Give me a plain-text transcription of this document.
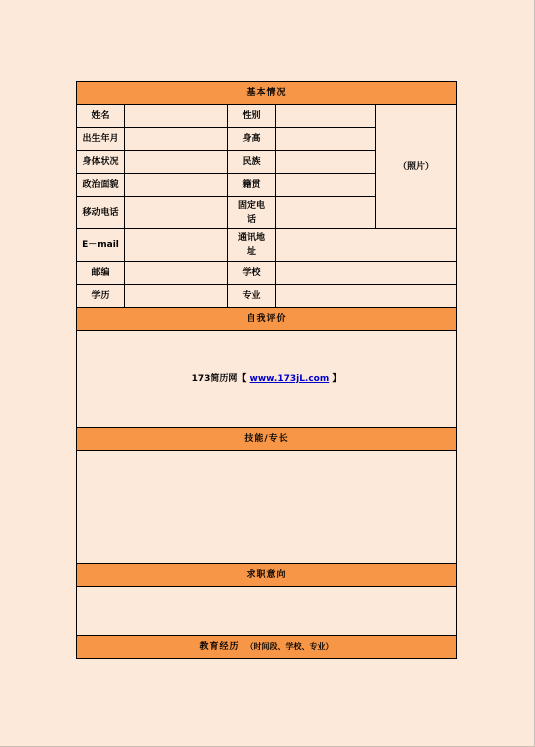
基本情况				
姓名		性别		（照片）
出生年月		身高		
身体状况		民族		
政治面貌		籍贯		
移动电话		固定电话		
E－mail		通讯地址		
邮编		学校		
学历		专业		
自我评价				
173简历网【 www.173jL.com 】				
技能/专长				

求职意向				

教育经历 （时间段、学校、专业）				
